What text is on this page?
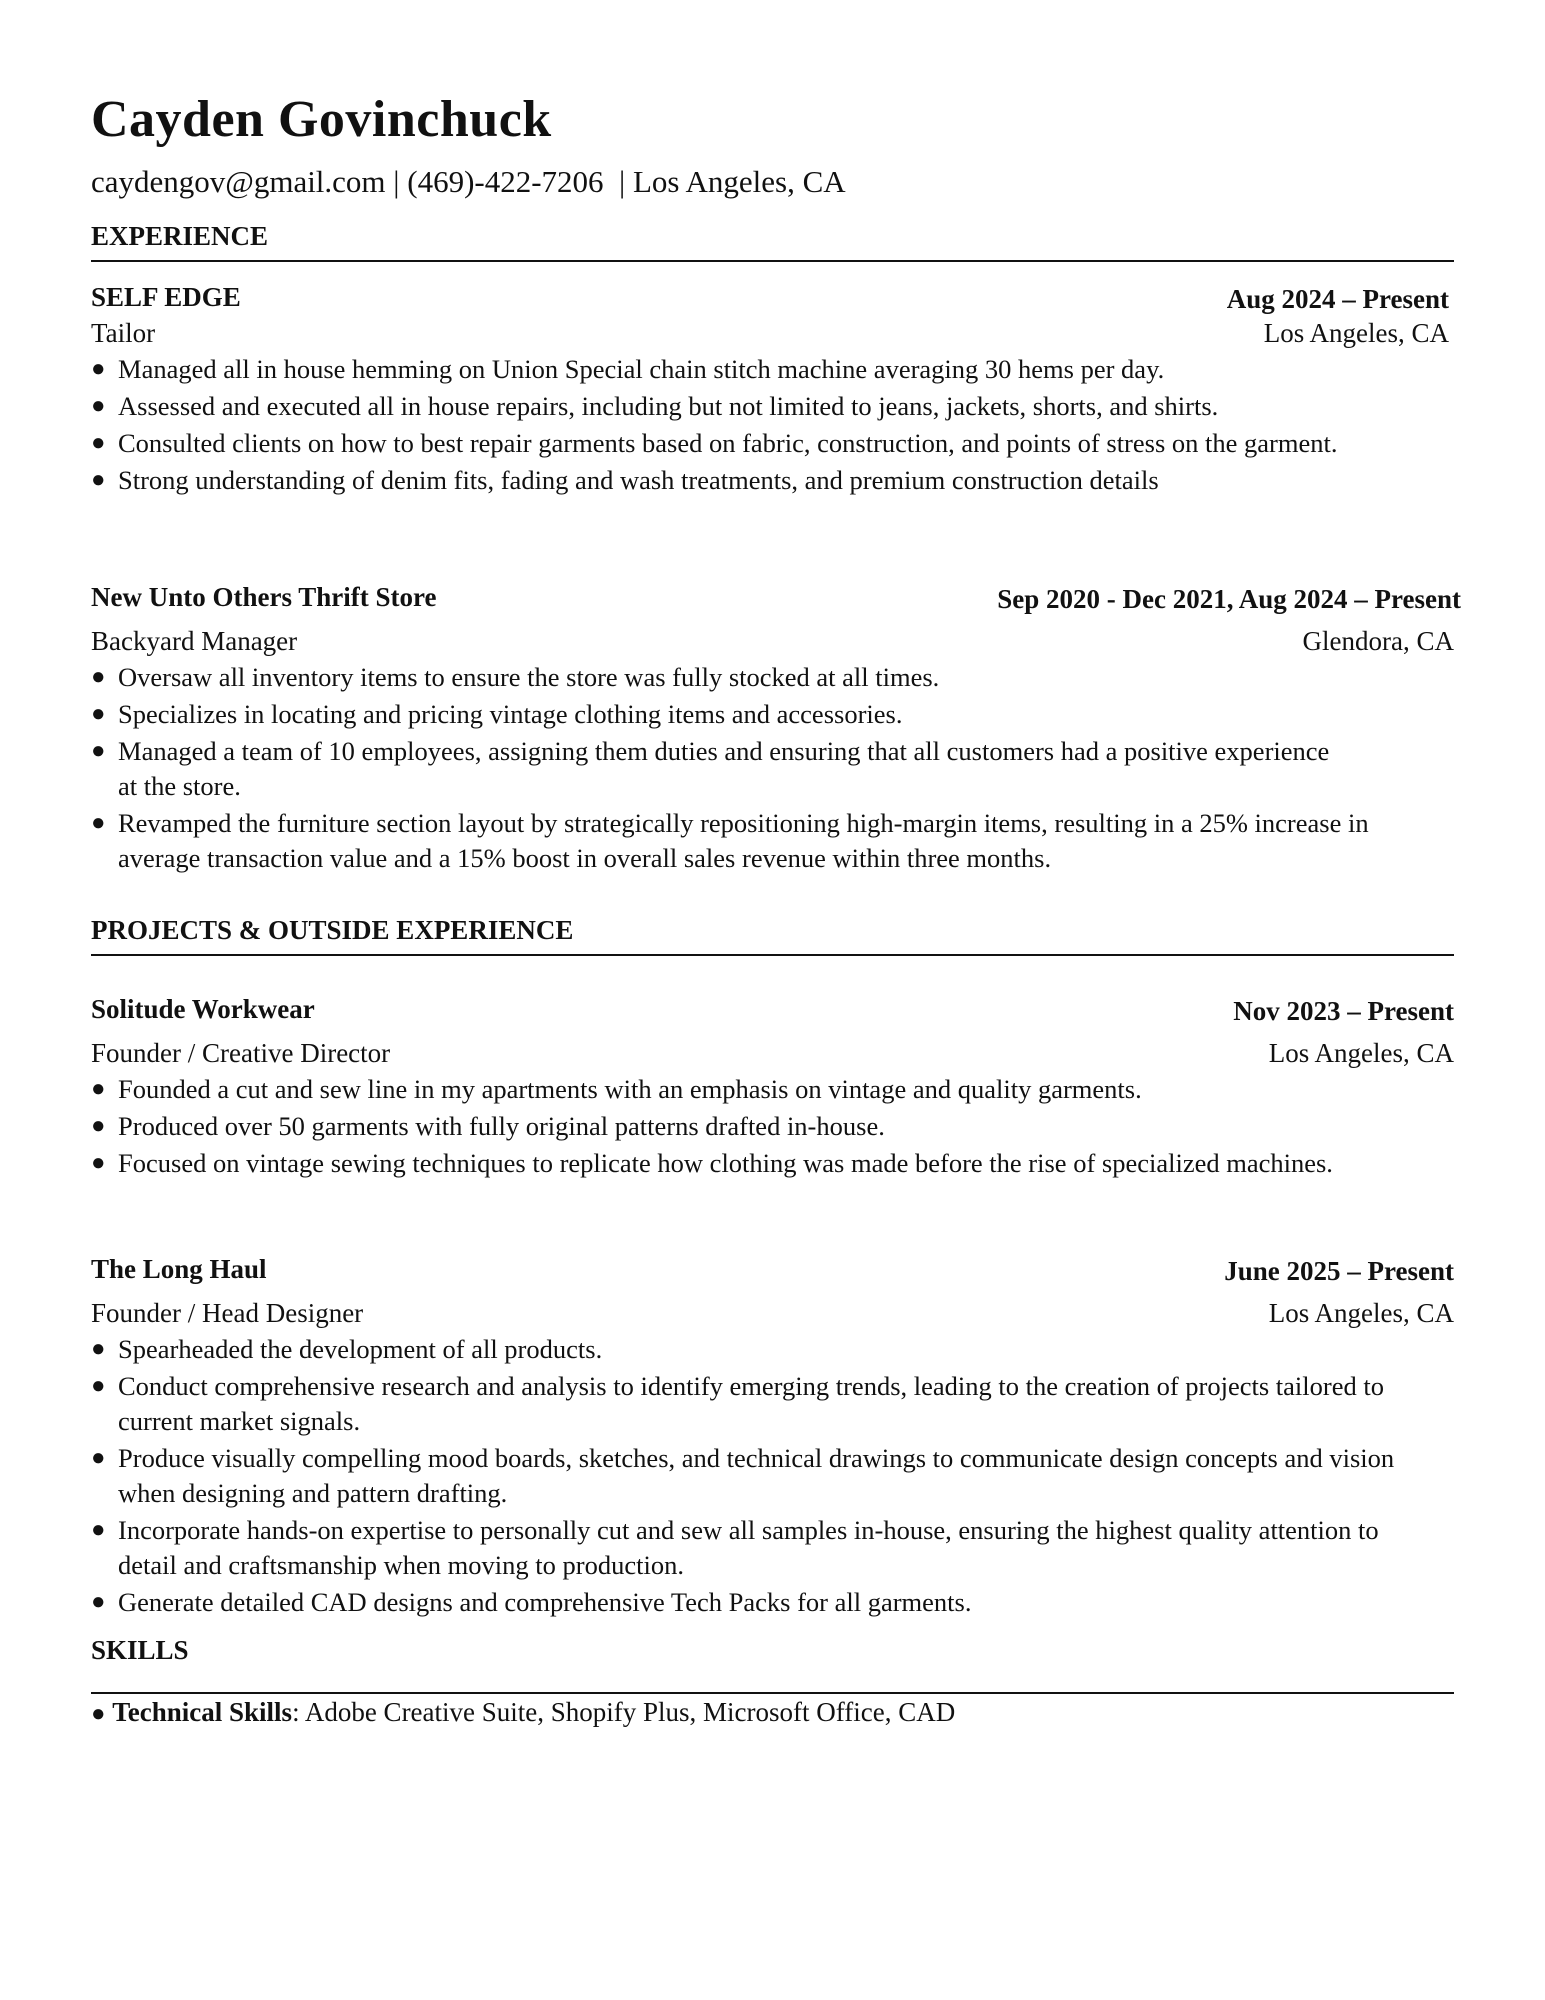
Cayden Govinchuck
caydengov@gmail.com | (469)-422-7206  | Los Angeles, CA
EXPERIENCE
SELF EDGE	Aug 2024 – Present
Tailor	Los Angeles, CA
● Managed all in house hemming on Union Special chain stitch machine averaging 30 hems per day.
● Assessed and executed all in house repairs, including but not limited to jeans, jackets, shorts, and shirts.
● Consulted clients on how to best repair garments based on fabric, construction, and points of stress on the garment.
● Strong understanding of denim fits, fading and wash treatments, and premium construction details
New Unto Others Thrift Store	Sep 2020 - Dec 2021, Aug 2024 – Present
Backyard Manager	Glendora, CA
● Oversaw all inventory items to ensure the store was fully stocked at all times.
● Specializes in locating and pricing vintage clothing items and accessories.
● Managed a team of 10 employees, assigning them duties and ensuring that all customers had a positive experience at the store.
● Revamped the furniture section layout by strategically repositioning high-margin items, resulting in a 25% increase in average transaction value and a 15% boost in overall sales revenue within three months.
PROJECTS & OUTSIDE EXPERIENCE
Solitude Workwear	Nov 2023 – Present
Founder / Creative Director	Los Angeles, CA
● Founded a cut and sew line in my apartments with an emphasis on vintage and quality garments.
● Produced over 50 garments with fully original patterns drafted in-house.
● Focused on vintage sewing techniques to replicate how clothing was made before the rise of specialized machines.
The Long Haul	June 2025 – Present
Founder / Head Designer	Los Angeles, CA
● Spearheaded the development of all products.
● Conduct comprehensive research and analysis to identify emerging trends, leading to the creation of projects tailored to current market signals.
● Produce visually compelling mood boards, sketches, and technical drawings to communicate design concepts and vision when designing and pattern drafting.
● Incorporate hands-on expertise to personally cut and sew all samples in-house, ensuring the highest quality attention to detail and craftsmanship when moving to production.
● Generate detailed CAD designs and comprehensive Tech Packs for all garments.
SKILLS
● Technical Skills: Adobe Creative Suite, Shopify Plus, Microsoft Office, CAD
